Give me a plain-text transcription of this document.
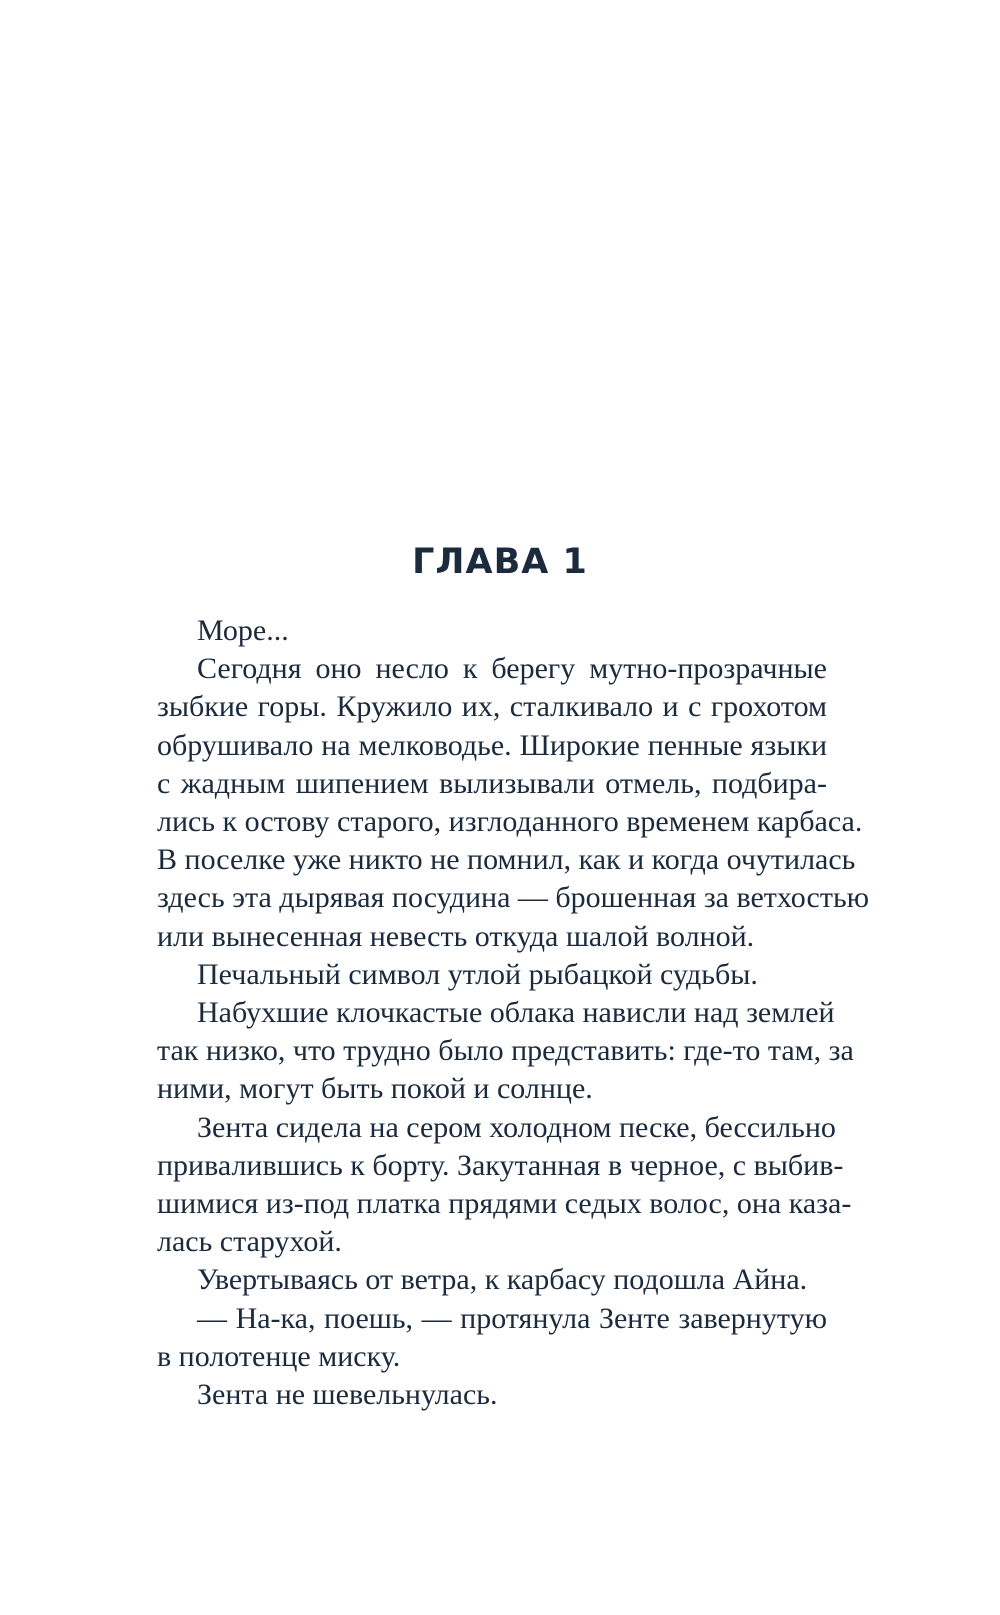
ГЛАВА 1
Море...
Сегодня оно несло к берегу мутно-прозрачные
зыбкие горы. Кружило их, сталкивало и с грохотом
обрушивало на мелководье. Широкие пенные языки
с жадным шипением вылизывали отмель, подбира-
лись к остову старого, изглоданного временем карбаса.
В поселке уже никто не помнил, как и когда очутилась
здесь эта дырявая посудина — брошенная за ветхостью
или вынесенная невесть откуда шалой волной.
Печальный символ утлой рыбацкой судьбы.
Набухшие клочкастые облака нависли над землей
так низко, что трудно было представить: где-то там, за
ними, могут быть покой и солнце.
Зента сидела на сером холодном песке, бессильно
привалившись к борту. Закутанная в черное, с выбив-
шимися из-под платка прядями седых волос, она каза-
лась старухой.
Увертываясь от ветра, к карбасу подошла Айна.
— На-ка, поешь, — протянула Зенте завернутую
в полотенце миску.
Зента не шевельнулась.
